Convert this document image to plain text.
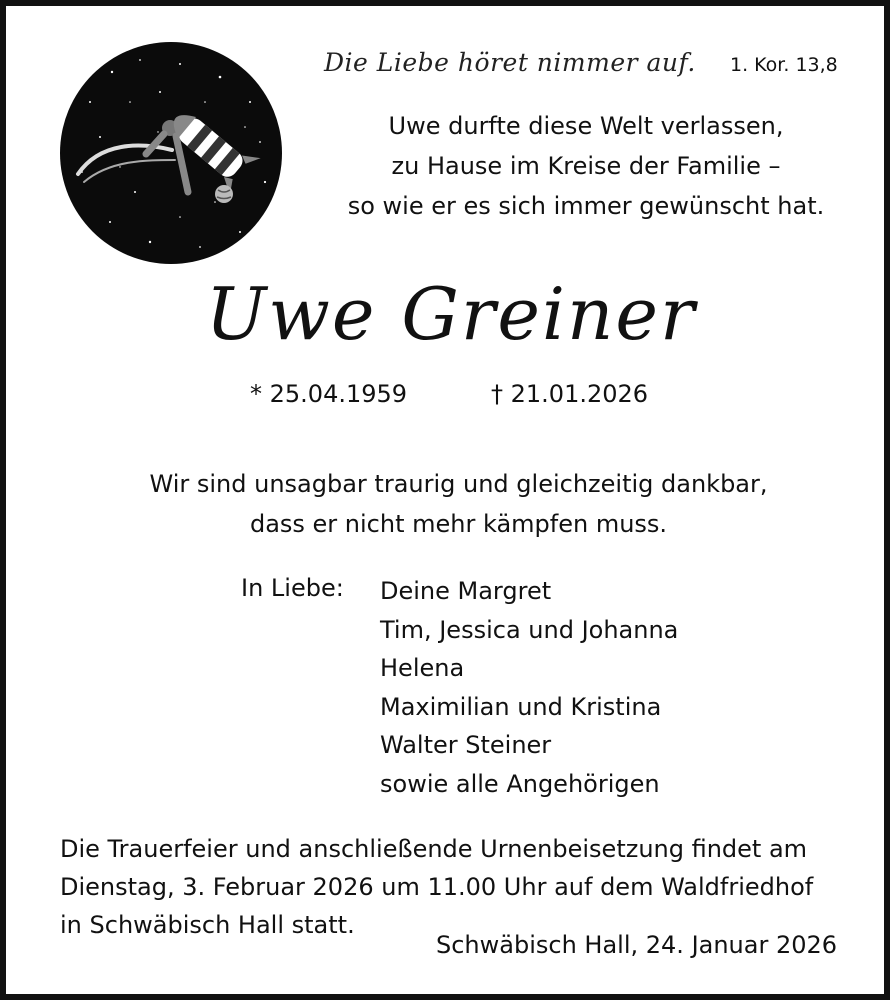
Die Liebe höret nimmer auf. 1. Kor. 13,8
Uwe durfte diese Welt verlassen,
zu Hause im Kreise der Familie –
so wie er es sich immer gewünscht hat.
Uwe Greiner
* 25.04.1959	† 21.01.2026
Wir sind unsagbar traurig und gleichzeitig dankbar,
dass er nicht mehr kämpfen muss.
In Liebe: Deine Margret
Tim, Jessica und Johanna
Helena
Maximilian und Kristina
Walter Steiner
sowie alle Angehörigen
Die Trauerfeier und anschließende Urnenbeisetzung findet am
Dienstag, 3. Februar 2026 um 11.00 Uhr auf dem Waldfriedhof
in Schwäbisch Hall statt.
Schwäbisch Hall, 24. Januar 2026
